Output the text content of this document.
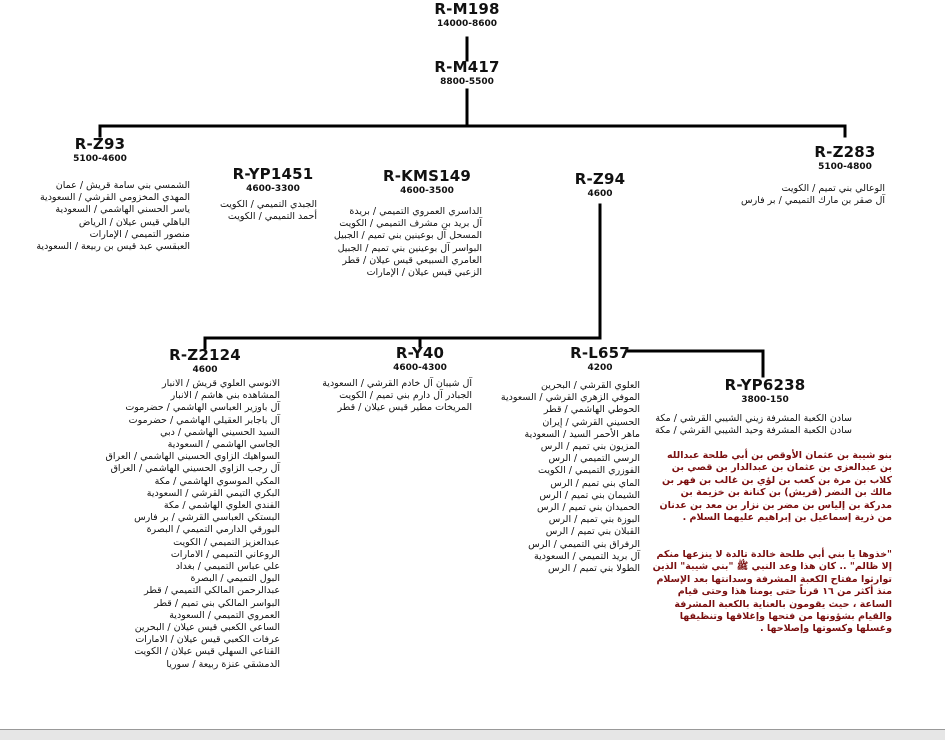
R-M198
14000-8600
R-M417
8800-5500
R-Z93
5100-4600
الشمسي بني سامة قريش / عمان
المهدي المخزومي القرشي / السعودية
ياسر الحسني الهاشمي / السعودية
الباهلي قيس عيلان / الرياض
منصور التميمي / الإمارات
العبقسي عبد قيس بن ربيعة / السعودية
R-YP1451
4600-3300
الجبدي التميمي / الكويت
أحمد التميمي / الكويت
R-KMS149
4600-3500
الداسري العمروي التميمي / بريدة
آل بريد بن مشرف التميمي / الكويت
المسحل آل بوعينين بني تميم / الجبيل
البواسر آل بوعينين بني تميم / الجبيل
العامري السبيعي قيس عيلان / قطر
الزعبي قيس عيلان / الإمارات
R-Z94
4600
R-Z283
5100-4800
الوعالي بني تميم / الكويت
آل صقر بن مارك التميمي / بر فارس
R-Z2124
4600
الانوسي العلوي قريش / الانبار
المشاهده بني هاشم / الانبار
آل باوزير العباسي الهاشمي / حضرموت
آل باجابر العقيلي الهاشمي / حضرموت
السيد الحسيني الهاشمي / دبي
الجاسي الهاشمي / السعودية
السواهيك الزاوي الحسيني الهاشمي / العراق
آل رجب الزاوي الحسيني الهاشمي / العراق
المكي الموسوي الهاشمي / مكة
البكري التيمي القرشي / السعودية
الفندي العلوي الهاشمي / مكة
البستكي العباسي القرشي / بر فارس
البورقي الدارمي التميمي / البصرة
عبدالعزيز التميمي / الكويت
الروعاني التميمي / الامارات
علي عباس التميمي / بغداد
البول التميمي / البصرة
عبدالرحمن المالكي التميمي / قطر
البواسر المالكي بني تميم / قطر
العمروي التميمي / السعودية
الساعي الكعبي قيس عيلان / البحرين
عرفات الكعبي قيس عيلان / الامارات
القناعي السهلي قيس عيلان / الكويت
الدمشقي عنزة ربيعة / سوريا
R-Y40
4600-4300
آل شيبان آل خادم القرشي / السعودية
الجبادر آل دارم بني تميم / الكويت
المريخات مطير قيس عيلان / قطر
R-L657
4200
العلوي القرشي / البحرين
الموفي الزهري القرشي / السعودية
الحوطي الهاشمي / قطر
الحسيني القرشي / إيران
ماهر الأحمر السيد / السعودية
المزيون بني تميم / الرس
الرسي التميمي / الرس
الفوزري التميمي / الكويت
الماي بني تميم / الرس
الشيمان بني تميم / الرس
الحميدان بني تميم / الرس
البوزة بني تميم / الرس
القبلان بني تميم / الرس
الرفراق بني التميمي / الرس
آل بريد التميمي / السعودية
الطولا بني تميم / الرس
R-YP6238
3800-150
سادن الكعبة المشرفة زيني الشيبي القرشي / مكة
سادن الكعبة المشرفة وحيد الشيبي القرشي / مكة
بنو شيبة بن عثمان الأوقص بن أبي طلحة عبدالله بن عبدالعزى بن عثمان بن عبدالدار بن قصي بن كلاب بن مرة بن كعب بن لؤي بن غالب بن فهر بن مالك بن النضر (قريش) بن كنانة بن خزيمة بن مدركة بن إلياس بن مضر بن نزار بن معد بن عدنان من ذرية إسماعيل بن إبراهيم عليهما السلام .
"خذوها يا بني أبي طلحة خالدة تالدة لا ينزعها منكم إلا ظالم" .. كان هذا وعد النبي ﷺ "بني شيبة" الذين توارثوا مفتاح الكعبة المشرفة وسدانتها بعد الإسلام منذ أكثر من ١٦ قرناً حتى يومنا هذا وحتى قيام الساعة ، حيث يقومون بالعناية بالكعبة المشرفة والقيام بشؤونها من فتحها وإغلاقها وتنظيفها وغسلها وكسوتها وإصلاحها .
